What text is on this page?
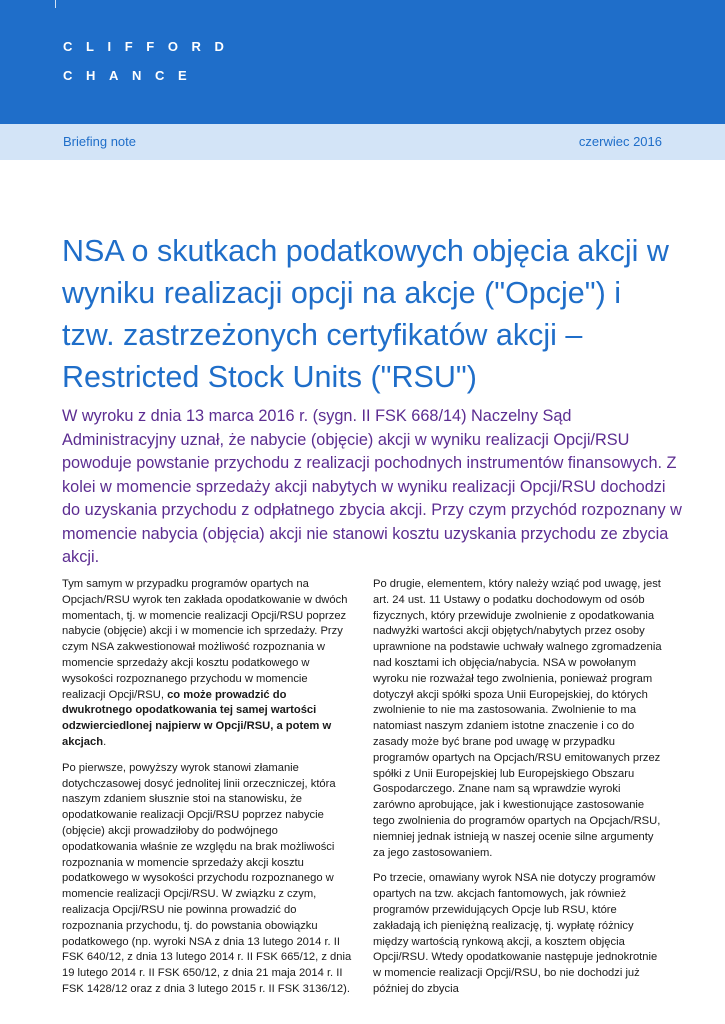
CLIFFORD
CHANCE
Briefing note	czerwiec 2016
NSA o skutkach podatkowych objęcia akcji w wyniku realizacji opcji na akcje ("Opcje") i tzw. zastrzeżonych certyfikatów akcji – Restricted Stock Units ("RSU")

W wyroku z dnia 13 marca 2016 r. (sygn. II FSK 668/14) Naczelny Sąd Administracyjny uznał, że nabycie (objęcie) akcji w wyniku realizacji Opcji/RSU powoduje powstanie przychodu z realizacji pochodnych instrumentów finansowych. Z kolei w momencie sprzedaży akcji nabytych w wyniku realizacji Opcji/RSU dochodzi do uzyskania przychodu z odpłatnego zbycia akcji. Przy czym przychód rozpoznany w momencie nabycia (objęcia) akcji nie stanowi kosztu uzyskania przychodu ze zbycia akcji.

Tym samym w przypadku programów opartych na Opcjach/RSU wyrok ten zakłada opodatkowanie w dwóch momentach, tj. w momencie realizacji Opcji/RSU poprzez nabycie (objęcie) akcji i w momencie ich sprzedaży. Przy czym NSA zakwestionował możliwość rozpoznania w momencie sprzedaży akcji kosztu podatkowego w wysokości rozpoznanego przychodu w momencie realizacji Opcji/RSU, co może prowadzić do dwukrotnego opodatkowania tej samej wartości odzwierciedlonej najpierw w Opcji/RSU, a potem w akcjach.

Po pierwsze, powyższy wyrok stanowi złamanie dotychczasowej dosyć jednolitej linii orzeczniczej, która naszym zdaniem słusznie stoi na stanowisku, że opodatkowanie realizacji Opcji/RSU poprzez nabycie (objęcie) akcji prowadziłoby do podwójnego opodatkowania właśnie ze względu na brak możliwości rozpoznania w momencie sprzedaży akcji kosztu podatkowego w wysokości przychodu rozpoznanego w momencie realizacji Opcji/RSU. W związku z czym, realizacja Opcji/RSU nie powinna prowadzić do rozpoznania przychodu, tj. do powstania obowiązku podatkowego (np. wyroki NSA z dnia 13 lutego 2014 r. II FSK 640/12, z dnia 13 lutego 2014 r. II FSK 665/12, z dnia 19 lutego 2014 r. II FSK 650/12, z dnia 21 maja 2014 r. II FSK 1428/12 oraz z dnia 3 lutego 2015 r. II FSK 3136/12).

Po drugie, elementem, który należy wziąć pod uwagę, jest art. 24 ust. 11 Ustawy o podatku dochodowym od osób fizycznych, który przewiduje zwolnienie z opodatkowania nadwyżki wartości akcji objętych/nabytych przez osoby uprawnione na podstawie uchwały walnego zgromadzenia nad kosztami ich objęcia/nabycia. NSA w powołanym wyroku nie rozważał tego zwolnienia, ponieważ program dotyczył akcji spółki spoza Unii Europejskiej, do których zwolnienie to nie ma zastosowania. Zwolnienie to ma natomiast naszym zdaniem istotne znaczenie i co do zasady może być brane pod uwagę w przypadku programów opartych na Opcjach/RSU emitowanych przez spółki z Unii Europejskiej lub Europejskiego Obszaru Gospodarczego. Znane nam są wprawdzie wyroki zarówno aprobujące, jak i kwestionujące zastosowanie tego zwolnienia do programów opartych na Opcjach/RSU, niemniej jednak istnieją w naszej ocenie silne argumenty za jego zastosowaniem.

Po trzecie, omawiany wyrok NSA nie dotyczy programów opartych na tzw. akcjach fantomowych, jak również programów przewidujących Opcje lub RSU, które zakładają ich pieniężną realizację, tj. wypłatę różnicy między wartością rynkową akcji, a kosztem objęcia Opcji/RSU. Wtedy opodatkowanie następuje jednokrotnie w momencie realizacji Opcji/RSU, bo nie dochodzi już później do zbycia
